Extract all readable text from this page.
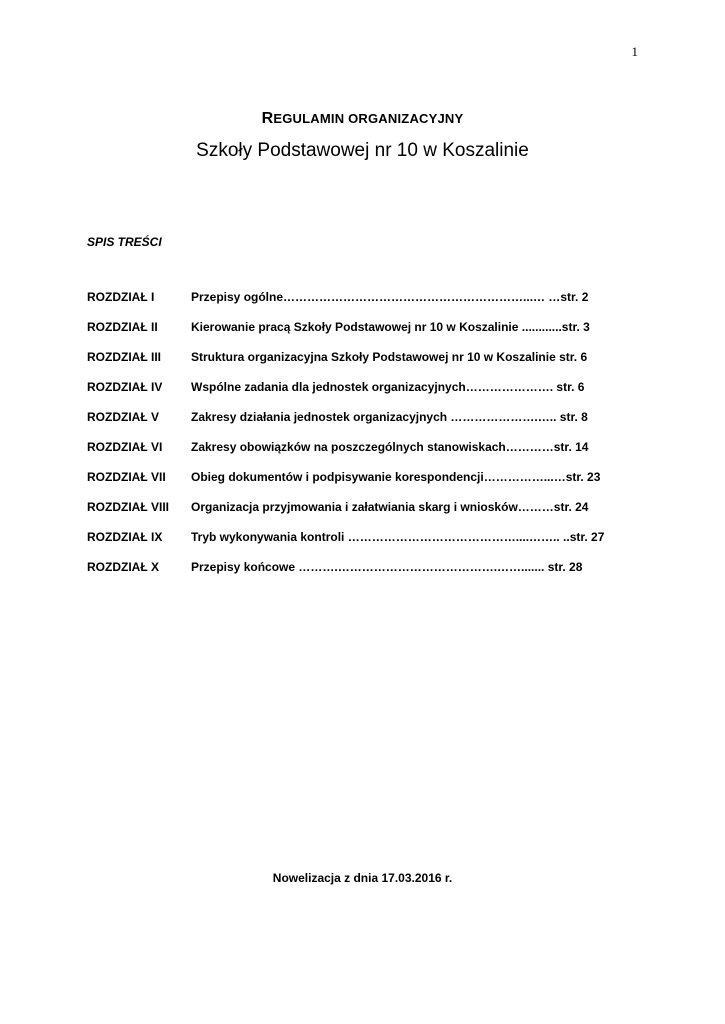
1

REGULAMIN ORGANIZACYJNY

Szkoły Podstawowej nr 10 w Koszalinie

SPIS TREŚCI

ROZDZIAŁ I	Przepisy ogólne……………………………………………………...… …str. 2
ROZDZIAŁ II	Kierowanie pracą Szkoły Podstawowej nr 10 w Koszalinie ............str. 3
ROZDZIAŁ III	Struktura organizacyjna Szkoły Podstawowej nr 10 w Koszalinie str. 6
ROZDZIAŁ IV	Wspólne zadania dla jednostek organizacyjnych…………………. str. 6
ROZDZIAŁ V	Zakresy działania jednostek organizacyjnych ………………….….. str. 8
ROZDZIAŁ VI	Zakresy obowiązków na poszczególnych stanowiskach…………str. 14
ROZDZIAŁ VII	Obieg dokumentów i podpisywanie korespondencji……………...…str. 23
ROZDZIAŁ VIII	Organizacja przyjmowania i załatwiania skarg i wniosków………str. 24
ROZDZIAŁ IX	Tryb wykonywania kontroli ……………………………………....…….. ..str. 27
ROZDZIAŁ X	Przepisy końcowe ……….………………………………….……....... str. 28

Nowelizacja z dnia 17.03.2016 r.
